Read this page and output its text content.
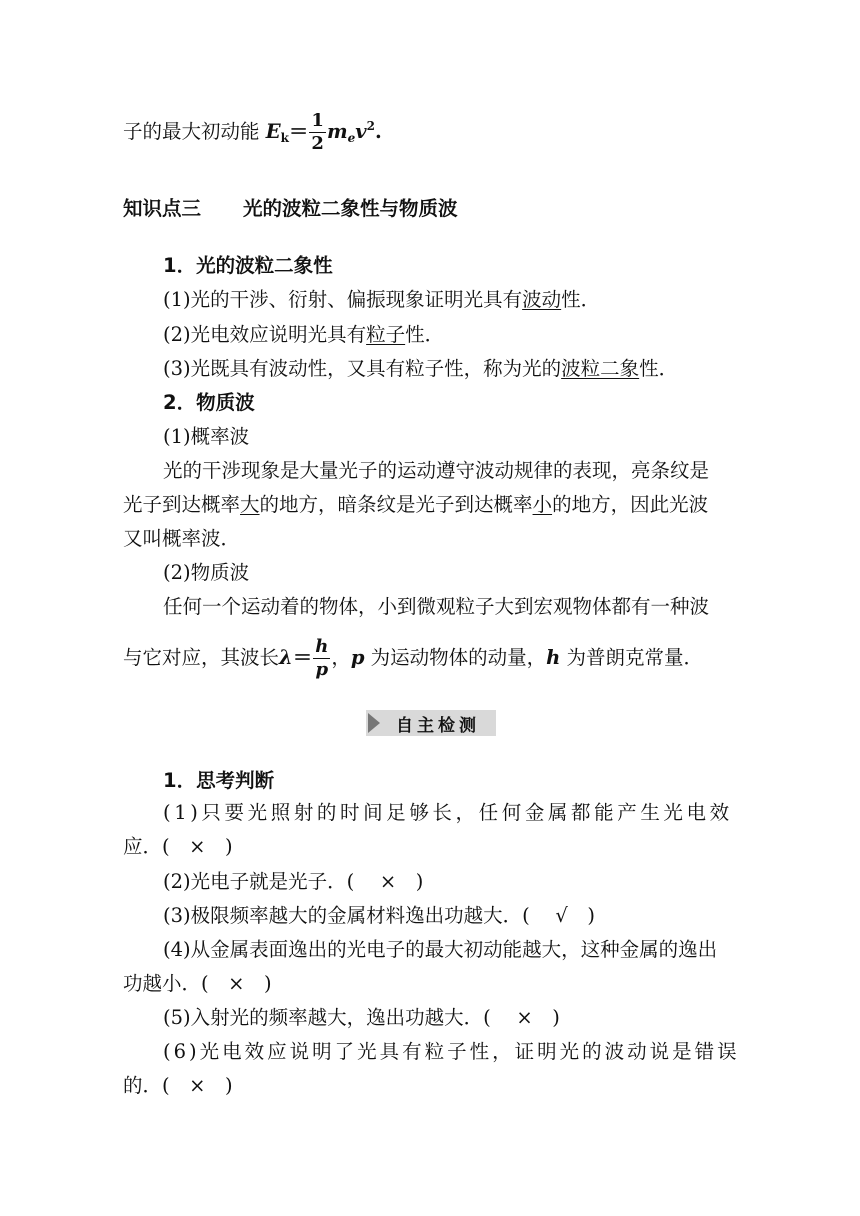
子的最大初动能 $E_k= \frac{1}{2} m_ev^2$.
知识点三 光的波粒二象性与物质波
1．光的波粒二象性
(1)光的干涉、衍射、偏振现象证明光具有波动性．
(2)光电效应说明光具有粒子性．
(3)光既具有波动性，又具有粒子性，称为光的波粒二象性．
2．物质波
(1)概率波
光的干涉现象是大量光子的运动遵守波动规律的表现，亮条纹是
光子到达概率大的地方，暗条纹是光子到达概率小的地方，因此光波
又叫概率波．
(2)物质波
任何一个运动着的物体，小到微观粒子大到宏观物体都有一种波
与它对应，其波长$\lambda= \frac{h}{p}$ ，p 为运动物体的动量，h 为普朗克常量．
自主检测
1．思考判断
(1)只要光照射的时间足够长，任何金属都能产生光电效
应．(　×　)
(2)光电子就是光子．(　 ×　)
(3)极限频率越大的金属材料逸出功越大．(　 √　)
(4)从金属表面逸出的光电子的最大初动能越大，这种金属的逸出
功越小．(　×　)
(5)入射光的频率越大，逸出功越大．(　 ×　)
(6)光电效应说明了光具有粒子性，证明光的波动说是错误
的．(　×　)
